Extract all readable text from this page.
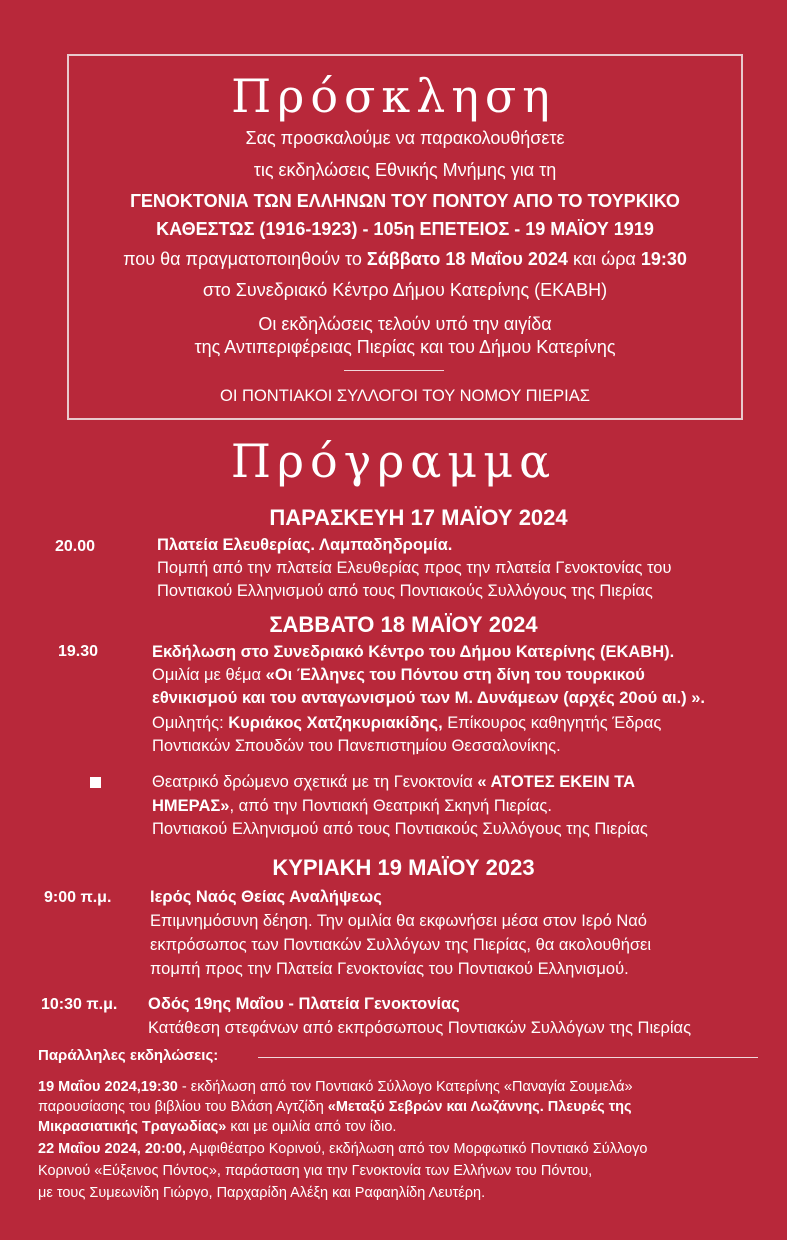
Πρόσκληση
Σας προσκαλούμε να παρακολουθήσετε
τις εκδηλώσεις Εθνικής Μνήμης για τη
ΓΕΝΟΚΤΟΝΙΑ ΤΩΝ ΕΛΛΗΝΩΝ ΤΟΥ ΠΟΝΤΟΥ ΑΠΟ ΤΟ ΤΟΥΡΚΙΚΟ
ΚΑΘΕΣΤΩΣ (1916-1923) - 105η ΕΠΕΤΕΙΟΣ - 19 ΜΑΪΟΥ 1919
που θα πραγματοποιηθούν το Σάββατο 18 Μαΐου 2024 και ώρα 19:30
στο Συνεδριακό Κέντρο Δήμου Κατερίνης (ΕΚΑΒΗ)
Οι εκδηλώσεις τελούν υπό την αιγίδα
της Αντιπεριφέρειας Πιερίας και του Δήμου Κατερίνης
ΟΙ ΠΟΝΤΙΑΚΟΙ ΣΥΛΛΟΓΟΙ ΤΟΥ ΝΟΜΟΥ ΠΙΕΡΙΑΣ
Πρόγραμμα
ΠΑΡΑΣΚΕΥΗ 17 ΜΑΪΟΥ 2024
20.00	Πλατεία Ελευθερίας. Λαμπαδηδρομία.
Πομπή από την πλατεία Ελευθερίας προς την πλατεία Γενοκτονίας του
Ποντιακού Ελληνισμού από τους Ποντιακούς Συλλόγους της Πιερίας
ΣΑΒΒΑΤΟ 18 ΜΑΪΟΥ 2024
19.30	Εκδήλωση στο Συνεδριακό Κέντρο του Δήμου Κατερίνης (ΕΚΑΒΗ).
Ομιλία με θέμα «Οι Έλληνες του Πόντου στη δίνη του τουρκικού
εθνικισμού και του ανταγωνισμού των Μ. Δυνάμεων (αρχές 20ού αι.) ».
Ομιλητής: Κυριάκος Χατζηκυριακίδης, Επίκουρος καθηγητής Έδρας
Ποντιακών Σπουδών του Πανεπιστημίου Θεσσαλονίκης.
Θεατρικό δρώμενο σχετικά με τη Γενοκτονία « ΑΤΟΤΕΣ ΕΚΕΙΝ ΤΑ
ΗΜΕΡΑΣ», από την Ποντιακή Θεατρική Σκηνή Πιερίας.
Ποντιακού Ελληνισμού από τους Ποντιακούς Συλλόγους της Πιερίας
ΚΥΡΙΑΚΗ 19 ΜΑΪΟΥ 2023
9:00 π.μ. Ιερός Ναός Θείας Αναλήψεως
Επιμνημόσυνη δέηση. Την ομιλία θα εκφωνήσει μέσα στον Ιερό Ναό
εκπρόσωπος των Ποντιακών Συλλόγων της Πιερίας, θα ακολουθήσει
πομπή προς την Πλατεία Γενοκτονίας του Ποντιακού Ελληνισμού.
10:30 π.μ. Οδός 19ης Μαΐου - Πλατεία Γενοκτονίας
Κατάθεση στεφάνων από εκπρόσωπους Ποντιακών Συλλόγων της Πιερίας
Παράλληλες εκδηλώσεις:
19 Μαΐου 2024,19:30 - εκδήλωση από τον Ποντιακό Σύλλογο Κατερίνης «Παναγία Σουμελά»
παρουσίασης του βιβλίου του Βλάση Αγτζίδη «Μεταξύ Σεβρών και Λωζάννης. Πλευρές της
Μικρασιατικής Τραγωδίας» και με ομιλία από τον ίδιο.
22 Μαΐου 2024, 20:00, Αμφιθέατρο Κορινού, εκδήλωση από τον Μορφωτικό Ποντιακό Σύλλογο
Κορινού «Εύξεινος Πόντος», παράσταση για την Γενοκτονία των Ελλήνων του Πόντου,
με τους Συμεωνίδη Γιώργο, Παρχαρίδη Αλέξη και Ραφαηλίδη Λευτέρη.
